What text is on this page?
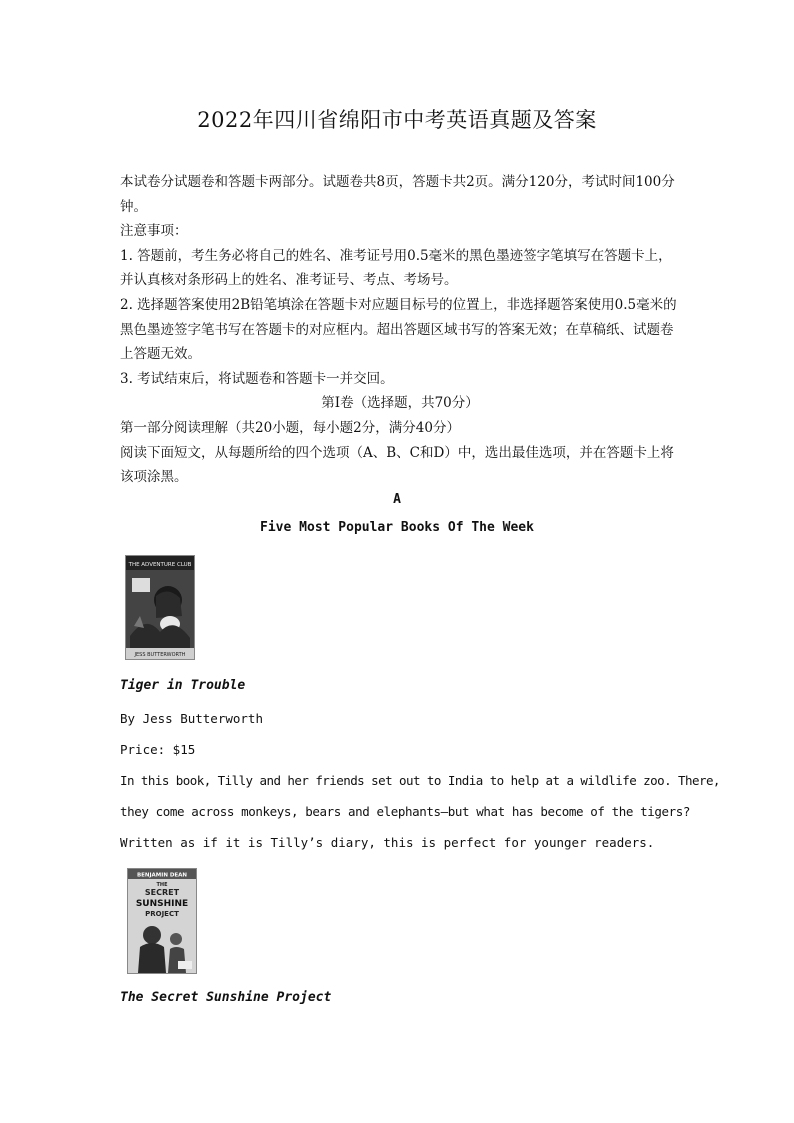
2022年四川省绵阳市中考英语真题及答案

本试卷分试题卷和答题卡两部分。试题卷共8页，答题卡共2页。满分120分，考试时间100分钟。

注意事项：

1. 答题前，考生务必将自己的姓名、准考证号用0.5毫米的黑色墨迹签字笔填写在答题卡上，并认真核对条形码上的姓名、准考证号、考点、考场号。

2. 选择题答案使用2B铅笔填涂在答题卡对应题目标号的位置上，非选择题答案使用0.5毫米的黑色墨迹签字笔书写在答题卡的对应框内。超出答题区域书写的答案无效；在草稿纸、试题卷上答题无效。

3. 考试结束后，将试题卷和答题卡一并交回。

第Ⅰ卷（选择题，共70分）

第一部分阅读理解（共20小题，每小题2分，满分40分）

阅读下面短文，从每题所给的四个选项（A、B、C和D）中，选出最佳选项，并在答题卡上将该项涂黑。

A
Five Most Popular Books Of The Week
THE ADVENTURE CLUB
JESS BUTTERWORTH
Tiger in Trouble
By Jess Butterworth
Price: $15
In this book, Tilly and her friends set out to India to help at a wildlife zoo. There,
they come across monkeys, bears and elephants—but what has become of the tigers?
Written as if it is Tilly’s diary, this is perfect for younger readers.
BENJAMIN DEAN
THE
SECRET
SUNSHINE
PROJECT
The Secret Sunshine Project
